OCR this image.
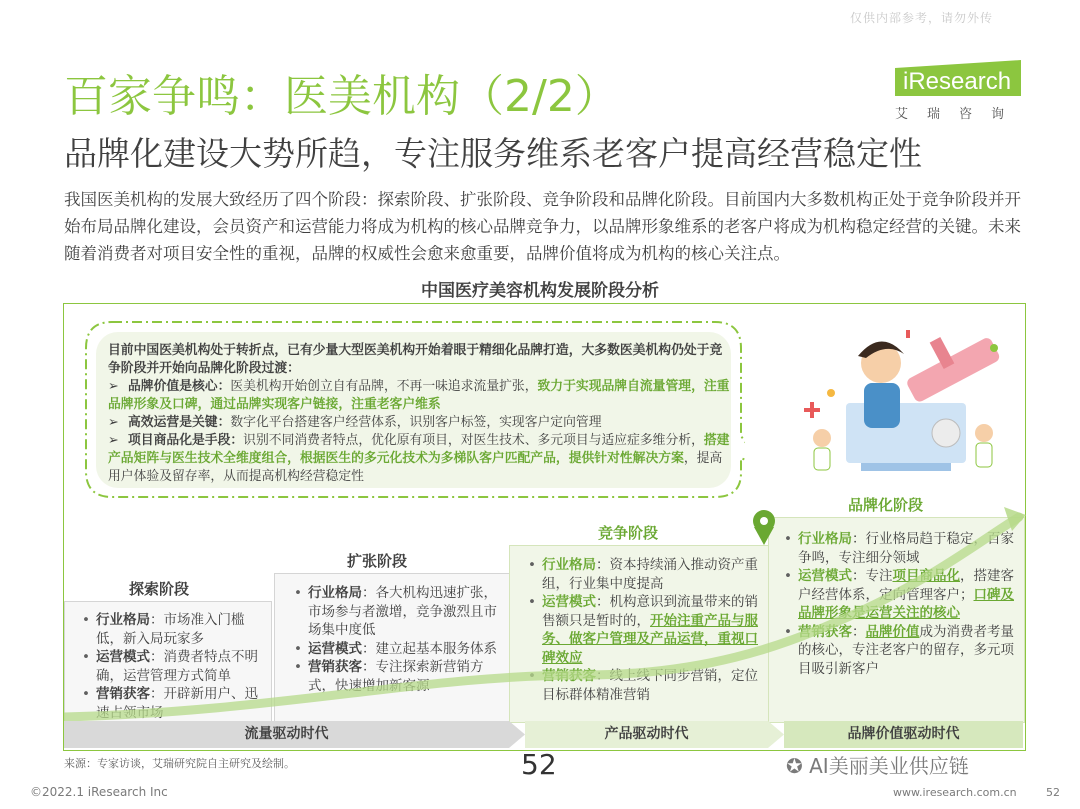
仅供内部参考，请勿外传
百家争鸣：医美机构（2/2）
品牌化建设大势所趋，专注服务维系老客户提高经营稳定性
iResearch
艾瑞咨询
我国医美机构的发展大致经历了四个阶段：探索阶段、扩张阶段、竞争阶段和品牌化阶段。目前国内大多数机构正处于竞争阶段并开始布局品牌化建设，会员资产和运营能力将成为机构的核心品牌竞争力，以品牌形象维系的老客户将成为机构稳定经营的关键。未来随着消费者对项目安全性的重视，品牌的权威性会愈来愈重要，品牌价值将成为机构的核心关注点。
中国医疗美容机构发展阶段分析
目前中国医美机构处于转折点，已有少量大型医美机构开始着眼于精细化品牌打造，大多数医美机构仍处于竞争阶段并开始向品牌化阶段过渡：
➢ 品牌价值是核心：医美机构开始创立自有品牌，不再一味追求流量扩张，致力于实现品牌自流量管理，注重品牌形象及口碑，通过品牌实现客户链接，注重老客户维系
➢ 高效运营是关键：数字化平台搭建客户经营体系，识别客户标签，实现客户定向管理
➢ 项目商品化是手段：识别不同消费者特点，优化原有项目，对医生技术、多元项目与适应症多维分析，搭建产品矩阵与医生技术全维度组合，根据医生的多元化技术为多梯队客户匹配产品，提供针对性解决方案，提高用户体验及留存率，从而提高机构经营稳定性
探索阶段
扩张阶段
竞争阶段
品牌化阶段
• 行业格局：市场准入门槛低，新入局玩家多
• 运营模式：消费者特点不明确，运营管理方式简单
• 营销获客：开辟新用户、迅速占领市场
• 行业格局：各大机构迅速扩张，市场参与者激增，竞争激烈且市场集中度低
• 运营模式：建立起基本服务体系
• 营销获客：专注探索新营销方式，快速增加新客源
• 行业格局：资本持续涌入推动资产重组，行业集中度提高
• 运营模式：机构意识到流量带来的销售额只是暂时的，开始注重产品与服务、做客户管理及产品运营，重视口碑效应
• 营销获客：线上线下同步营销，定位目标群体精准营销
• 行业格局：行业格局趋于稳定，百家争鸣，专注细分领域
• 运营模式：专注项目商品化，搭建客户经营体系，定向管理客户；口碑及品牌形象是运营关注的核心
• 营销获客：品牌价值成为消费者考量的核心，专注老客户的留存，多元项目吸引新客户
流量驱动时代	产品驱动时代	品牌价值驱动时代
来源：专家访谈，艾瑞研究院自主研究及绘制。	52	✪ AI美丽美业供应链
©2022.1 iResearch Inc	www.iresearch.com.cn	52
